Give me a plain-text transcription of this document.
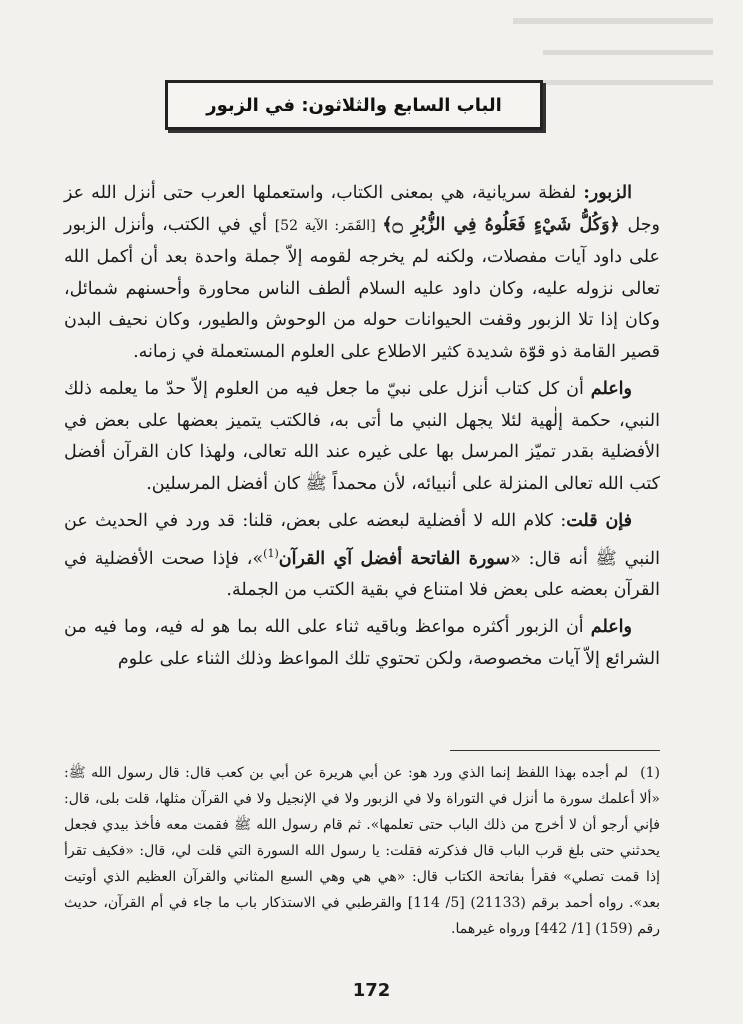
الباب السابع والثلاثون: في الزبور

الزبور: لفظة سريانية، هي بمعنى الكتاب، واستعملها العرب حتى أنزل الله عز وجل ﴿وَكُلُّ شَيْءٍ فَعَلُوهُ فِي الزُّبُرِ ۝﴾ [القَمَر: الآية 52] أي في الكتب، وأنزل الزبور على داود آيات مفصلات، ولكنه لم يخرجه لقومه إلاّ جملة واحدة بعد أن أكمل الله تعالى نزوله عليه، وكان داود عليه السلام ألطف الناس محاورة وأحسنهم شمائل، وكان إذا تلا الزبور وقفت الحيوانات حوله من الوحوش والطيور، وكان نحيف البدن قصير القامة ذو قوّة شديدة كثير الاطلاع على العلوم المستعملة في زمانه.

واعلم أن كل كتاب أنزل على نبيّ ما جعل فيه من العلوم إلاّ حدّ ما يعلمه ذلك النبي، حكمة إلٰهية لئلا يجهل النبي ما أتى به، فالكتب يتميز بعضها على بعض في الأفضلية بقدر تميّز المرسل بها على غيره عند الله تعالى، ولهذا كان القرآن أفضل كتب الله تعالى المنزلة على أنبيائه، لأن محمداً ﷺ كان أفضل المرسلين.

فإن قلت: كلام الله لا أفضلية لبعضه على بعض، قلنا: قد ورد في الحديث عن النبي ﷺ أنه قال: «سورة الفاتحة أفضل آي القرآن$^{(1)}$»، فإذا صحت الأفضلية في القرآن بعضه على بعض فلا امتناع في بقية الكتب من الجملة.

واعلم أن الزبور أكثره مواعظ وباقيه ثناء على الله بما هو له فيه، وما فيه من الشرائع إلاّ آيات مخصوصة، ولكن تحتوي تلك المواعظ وذلك الثناء على علوم

(1)لم أجده بهذا اللفظ إنما الذي ورد هو: عن أبي هريرة عن أبي بن كعب قال: قال رسول الله ﷺ: «ألا أعلمك سورة ما أنزل في التوراة ولا في الزبور ولا في الإنجيل ولا في القرآن مثلها، قلت بلى، قال: فإني أرجو أن لا أخرج من ذلك الباب حتى تعلمها». ثم قام رسول الله ﷺ فقمت معه فأخذ بيدي فجعل يحدثني حتى بلغ قرب الباب قال فذكرته فقلت: يا رسول الله السورة التي قلت لي، قال: «فكيف تقرأ إذا قمت تصلي» فقرأ بفاتحة الكتاب قال: «هي هي وهي السبع المثاني والقرآن العظيم الذي أوتيت بعد». رواه أحمد برقم (21133) [5/ 114] والقرطبي في الاستذكار باب ما جاء في أم القرآن، حديث رقم (159) [1/ 442] ورواه غيرهما.
172
